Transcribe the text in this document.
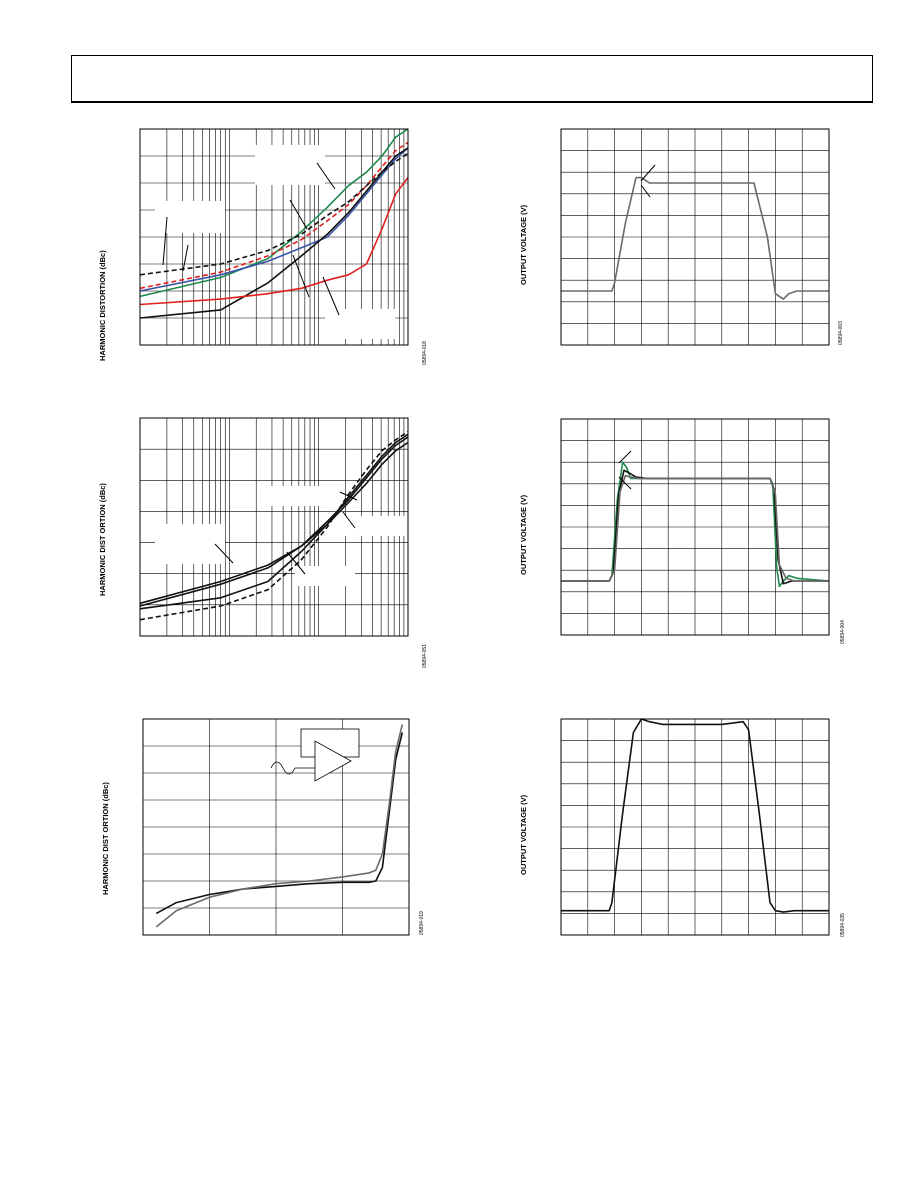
HARMONIC DISTORTION (dBc)	05894-018
HARMONIC DIST ORTION (dBc)
05894-051
HARMONIC DIST ORTION (dBc)
05894-019
OUTPUT VOLTAGE (V)
05894-003
OUTPUT VOLTAGE (V)
05894-004
OUTPUT VOLTAGE (V)
05894-035
